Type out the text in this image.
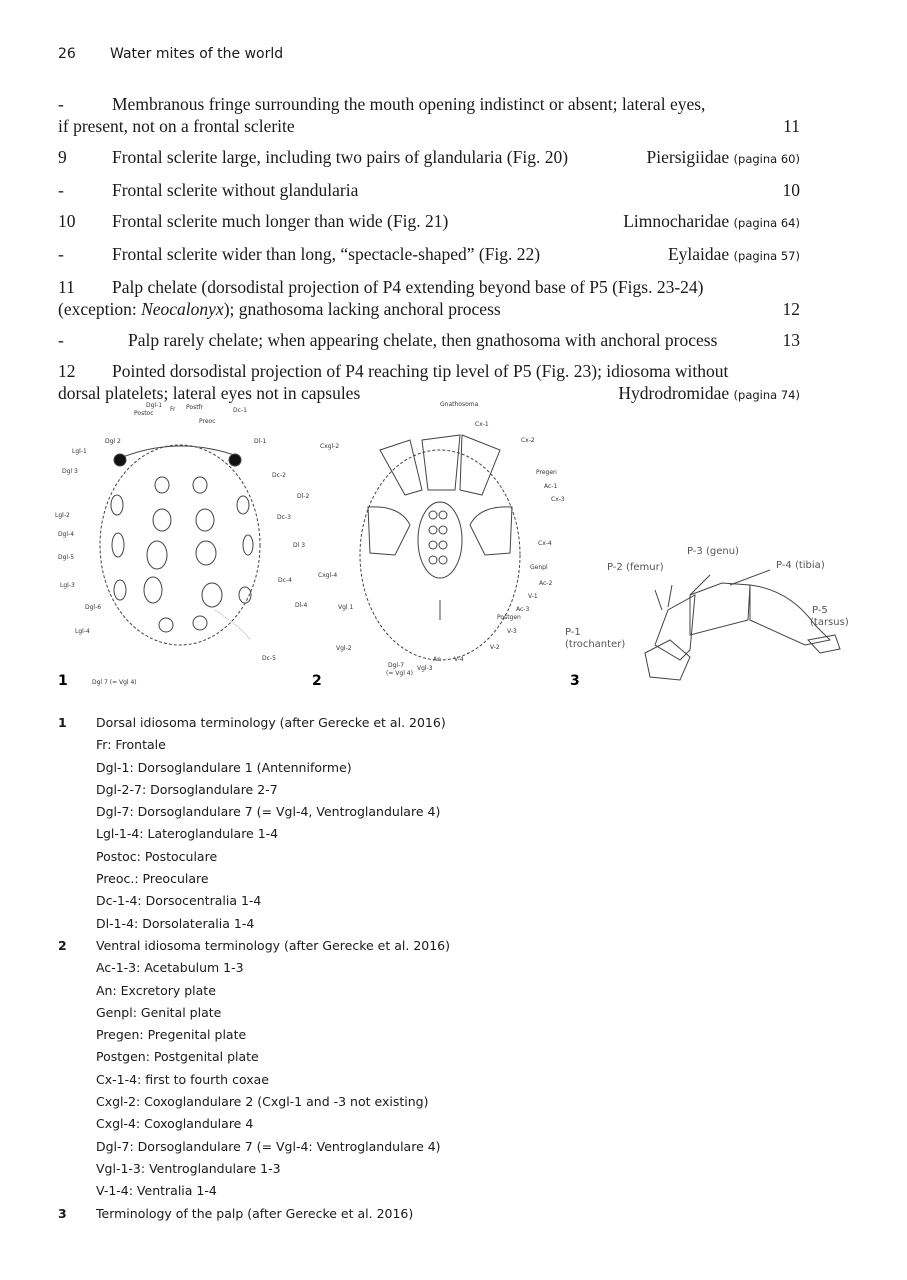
26 Water mites of the world
-	Membranous fringe surrounding the mouth opening indistinct or absent; lateral eyes,
if present, not on a frontal sclerite	11
9	Frontal sclerite large, including two pairs of glandularia (Fig. 20)	Piersigiidae (pagina 60)
-	Frontal sclerite without glandularia	10
10	Frontal sclerite much longer than wide (Fig. 21)	Limnocharidae (pagina 64)
-	Frontal sclerite wider than long, “spectacle-shaped” (Fig. 22)	Eylaidae (pagina 57)
11	Palp chelate (dorsodistal projection of P4 extending beyond base of P5 (Figs. 23-24)
(exception: Neocalonyx); gnathosoma lacking anchoral process	12
-	Palp rarely chelate; when appearing chelate, then gnathosoma with anchoral process	13
12	Pointed dorsodistal projection of P4 reaching tip level of P5 (Fig. 23); idiosoma without
dorsal platelets; lateral eyes not in capsules	Hydrodromidae (pagina 74)
Dgl-1
Fr Postfr
Postoc
Preoc
Dc-1
Dgl 2
Lgl-1
Dl-1
Dgl 3
Dc-2
Dl-2
Lgl-2	Dc-3
Dgl-4
Dl 3
Dgl-5
Lgl-3
Dc-4
Dl-4
Dgl-6
Lgl-4
Dc-5
Dgl 7 (= Vgl 4)
Gnathosoma
Cx-1
Cx-2
Cxgl-2
Pregen
Ac-1
Cx-3
Cx-4
Cxgl-4
Genpl
Ac-2
V-1
Vgl 1	Ac-3
Postgen
V-3
Vgl-2	V-2
Dgl-7
(= Vgl 4)
Vgl-3
An V-4
P-3 (genu)
P-2 (femur)	P-4 (tibia)
P-5
(tarsus)
P-1
(trochanter)
1	2	3
1	Dorsal idiosoma terminology (after Gerecke et al. 2016)
Fr: Frontale
Dgl-1: Dorsoglandulare 1 (Antenniforme)
Dgl-2-7: Dorsoglandulare 2-7
Dgl-7: Dorsoglandulare 7 (= Vgl-4, Ventroglandulare 4)
Lgl-1-4: Lateroglandulare 1-4
Postoc: Postoculare
Preoc.: Preoculare
Dc-1-4: Dorsocentralia 1-4
Dl-1-4: Dorsolateralia 1-4
2	Ventral idiosoma terminology (after Gerecke et al. 2016)
Ac-1-3: Acetabulum 1-3
An: Excretory plate
Genpl: Genital plate
Pregen: Pregenital plate
Postgen: Postgenital plate
Cx-1-4: first to fourth coxae
Cxgl-2: Coxoglandulare 2 (Cxgl-1 and -3 not existing)
Cxgl-4: Coxoglandulare 4
Dgl-7: Dorsoglandulare 7 (= Vgl-4: Ventroglandulare 4)
Vgl-1-3: Ventroglandulare 1-3
V-1-4: Ventralia 1-4
3	Terminology of the palp (after Gerecke et al. 2016)
